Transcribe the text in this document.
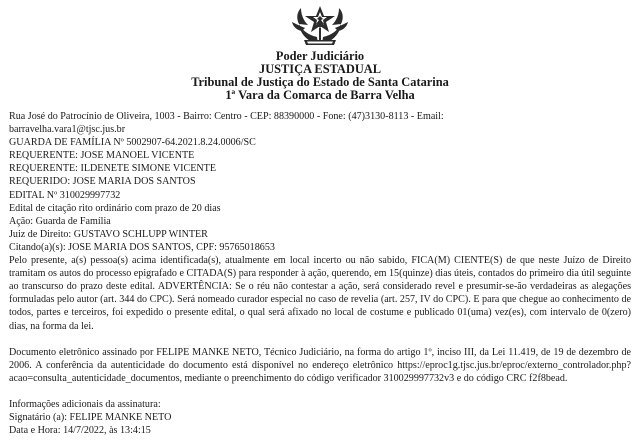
Poder Judiciário
JUSTIÇA ESTADUAL
Tribunal de Justiça do Estado de Santa Catarina
1ª Vara da Comarca de Barra Velha
Rua José do Patrocínio de Oliveira, 1003 - Bairro: Centro - CEP: 88390000 - Fone: (47)3130-8113 - Email:
barravelha.vara1@tjsc.jus.br
GUARDA DE FAMÍLIA Nº 5002907-64.2021.8.24.0006/SC
REQUERENTE: JOSE MANOEL VICENTE
REQUERENTE: ILDENETE SIMONE VICENTE
REQUERIDO: JOSE MARIA DOS SANTOS
EDITAL Nº 310029997732
Edital de citação rito ordinário com prazo de 20 dias
Ação: Guarda de Família
Juiz de Direito: GUSTAVO SCHLUPP WINTER
Citando(a)(s): JOSE MARIA DOS SANTOS, CPF: 95765018653
Pelo presente, a(s) pessoa(s) acima identificada(s), atualmente em local incerto ou não sabido, FICA(M) CIENTE(S) de que neste Juízo de Direito tramitam os autos do processo epigrafado e CITADA(S) para responder à ação, querendo, em 15(quinze) dias úteis, contados do primeiro dia útil seguinte ao transcurso do prazo deste edital. ADVERTÊNCIA: Se o réu não contestar a ação, será considerado revel e presumir-se-ão verdadeiras as alegações formuladas pelo autor (art. 344 do CPC). Será nomeado curador especial no caso de revelia (art. 257, IV do CPC). E para que chegue ao conhecimento de todos, partes e terceiros, foi expedido o presente edital, o qual será afixado no local de costume e publicado 01(uma) vez(es), com intervalo de 0(zero) dias, na forma da lei.
Documento eletrônico assinado por FELIPE MANKE NETO, Técnico Judiciário, na forma do artigo 1º, inciso III, da Lei 11.419, de 19 de dezembro de 2006. A conferência da autenticidade do documento está disponível no endereço eletrônico https://eproc1g.tjsc.jus.br/eproc/externo_controlador.php?acao=consulta_autenticidade_documentos, mediante o preenchimento do código verificador 310029997732v3 e do código CRC f2f8bead.
Informações adicionais da assinatura:
Signatário (a): FELIPE MANKE NETO
Data e Hora: 14/7/2022, às 13:4:15
